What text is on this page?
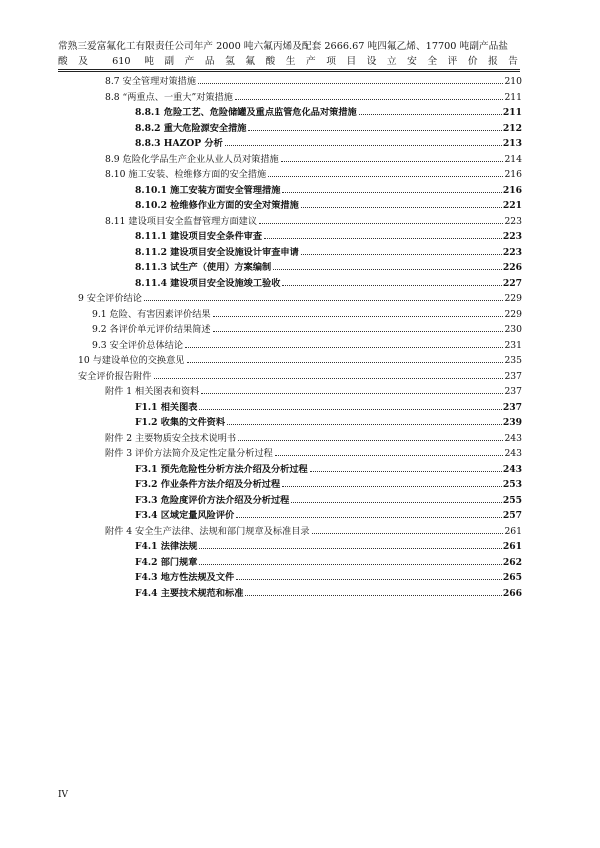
常熟三爱富氟化工有限责任公司年产 2000 吨六氟丙烯及配套 2666.67 吨四氟乙烯、17700 吨副产品盐
酸及 610 吨副产品氢氟酸生产项目设立安全评价报告
8.7 安全管理对策措施	210
8.8 “两重点、一重大”对策措施	211
8.8.1 危险工艺、危险储罐及重点监管危化品对策措施	211
8.8.2 重大危险源安全措施	212
8.8.3 HAZOP 分析	213
8.9 危险化学品生产企业从业人员对策措施	214
8.10 施工安装、检维修方面的安全措施	216
8.10.1 施工安装方面安全管理措施	216
8.10.2 检维修作业方面的安全对策措施	221
8.11 建设项目安全监督管理方面建议	223
8.11.1 建设项目安全条件审查	223
8.11.2 建设项目安全设施设计审查申请	223
8.11.3 试生产（使用）方案编制	226
8.11.4 建设项目安全设施竣工验收	227
9 安全评价结论	229
9.1 危险、有害因素评价结果	229
9.2 各评价单元评价结果简述	230
9.3 安全评价总体结论	231
10 与建设单位的交换意见	235
安全评价报告附件	237
附件 1 相关图表和资料	237
F1.1 相关图表	237
F1.2 收集的文件资料	239
附件 2 主要物质安全技术说明书	243
附件 3 评价方法简介及定性定量分析过程	243
F3.1 预先危险性分析方法介绍及分析过程	243
F3.2 作业条件方法介绍及分析过程	253
F3.3 危险度评价方法介绍及分析过程	255
F3.4 区域定量风险评价	257
附件 4 安全生产法律、法规和部门规章及标准目录	261
F4.1 法律法规	261
F4.2 部门规章	262
F4.3 地方性法规及文件	265
F4.4 主要技术规范和标准	266
IV
